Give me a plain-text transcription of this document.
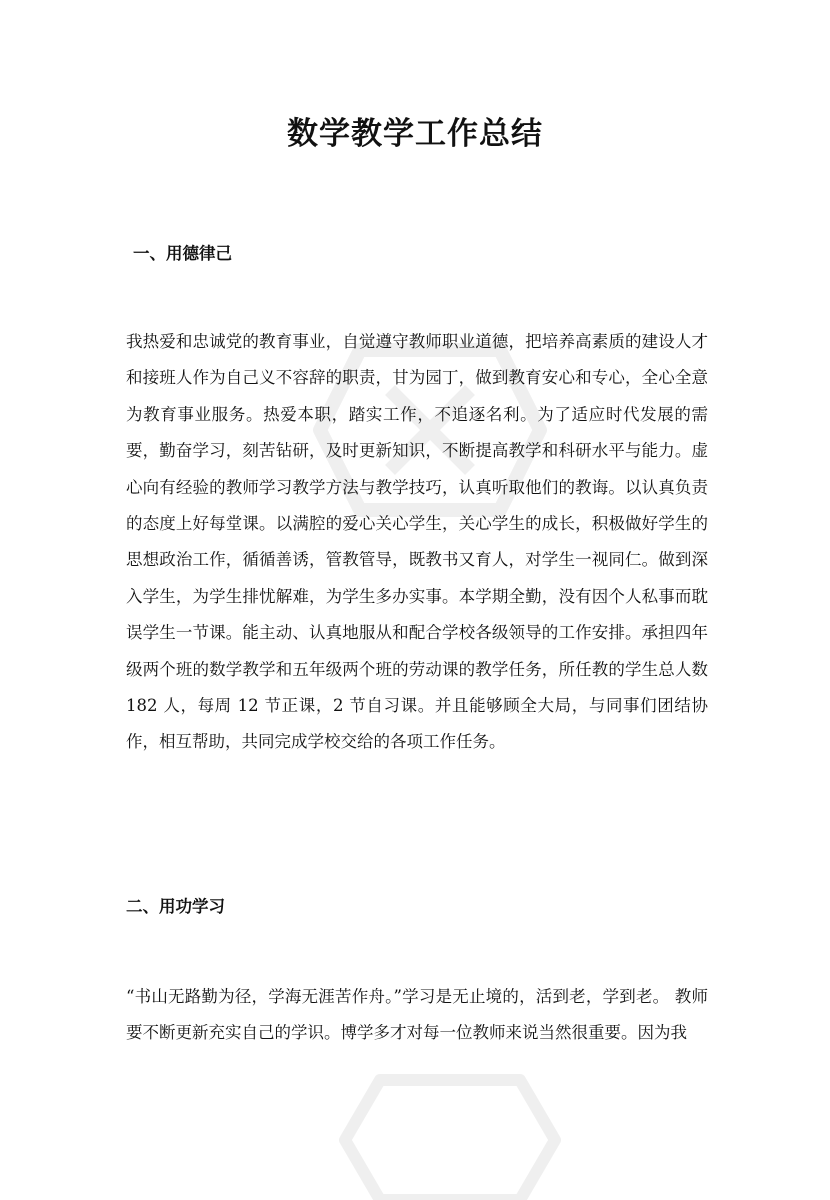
数学教学工作总结
一、用德律己

我热爱和忠诚党的教育事业，自觉遵守教师职业道德，把培养高素质的建设人才和接班人作为自己义不容辞的职责，甘为园丁，做到教育安心和专心，全心全意为教育事业服务。热爱本职，踏实工作，不追逐名利。为了适应时代发展的需要，勤奋学习，刻苦钻研，及时更新知识，不断提高教学和科研水平与能力。虚心向有经验的教师学习教学方法与教学技巧，认真听取他们的教诲。以认真负责的态度上好每堂课。以满腔的爱心关心学生，关心学生的成长，积极做好学生的思想政治工作，循循善诱，管教管导，既教书又育人，对学生一视同仁。做到深入学生，为学生排忧解难，为学生多办实事。本学期全勤，没有因个人私事而耽误学生一节课。能主动、认真地服从和配合学校各级领导的工作安排。承担四年级两个班的数学教学和五年级两个班的劳动课的教学任务，所任教的学生总人数 182 人，每周 12 节正课，2 节自习课。并且能够顾全大局，与同事们团结协作，相互帮助，共同完成学校交给的各项工作任务。

二、用功学习

“书山无路勤为径，学海无涯苦作舟。”学习是无止境的，活到老，学到老。 教师要不断更新充实自己的学识。博学多才对每一位教师来说当然很重要。因为我
